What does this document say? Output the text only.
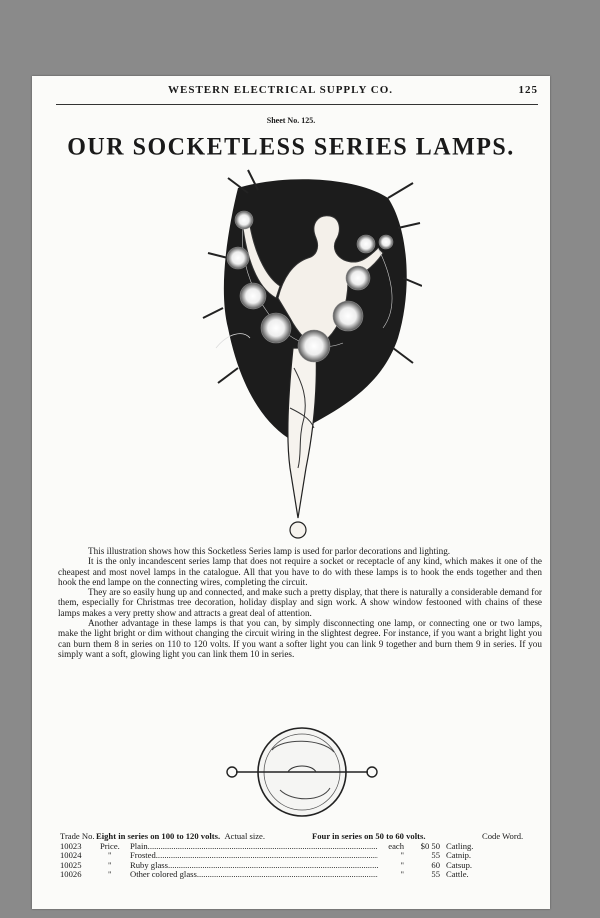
WESTERN ELECTRICAL SUPPLY CO.	125
Sheet No. 125.
OUR SOCKETLESS SERIES LAMPS.

This illustration shows how this Socketless Series lamp is used for parlor decorations and lighting.

It is the only incandescent series lamp that does not require a socket or receptacle of any kind, which makes it one of the cheapest and most novel lamps in the catalogue. All that you have to do with these lamps is to hook the ends together and then hook the end lampe on the connecting wires, completing the circuit.

They are so easily hung up and connected, and make such a pretty display, that there is naturally a considerable demand for them, especially for Christmas tree decoration, holiday display and sign work. A show window festooned with chains of these lamps makes a very pretty show and attracts a great deal of attention.

Another advantage in these lamps is that you can, by simply disconnecting one lamp, or connecting one or two lamps, make the light bright or dim without changing the circuit wiring in the slightest degree. For instance, if you want a bright light you can burn them 8 in series on 110 to 120 volts. If you want a softer light you can link 9 together and burn them 9 in series. If you simply want a soft, glowing light you can link them 10 in series.

Trade No. Eight in series on 100 to 120 volts. Actual size.	Four in series on 50 to 60 volts.	Code Word.
10023	Price. Plain .....	each	$0 50 Catling.
10024	" Frosted .....	"	55 Catnip.
10025	" Ruby glass .....	"	60 Catsup.
10026	" Other colored glass .....	"	55 Cattle.
